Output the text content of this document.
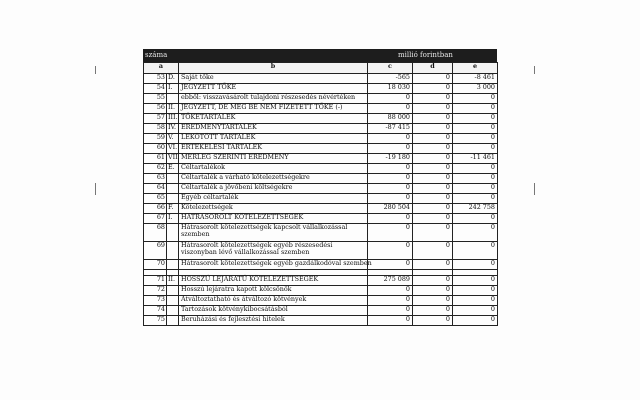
száma	millió forintban
a		b	c	d	e
53	D.	Saját tőke	-565	0	-8 461
54	I.	JEGYZETT TŐKE	18 030	0	3 000
55		ebből: visszavásárolt tulajdoni részesedés névértéken	0	0	0
56	II.	JEGYZETT, DE MÉG BE NEM FIZETETT TŐKE (-)	0	0	0
57	III.	TŐKETARTALÉK	88 000	0	0
58	IV.	EREDMÉNYTARTALÉK	-87 415	0	0
59	V.	LEKÖTÖTT TARTALÉK	0	0	0
60	VI.	ÉRTÉKELÉSI TARTALÉK	0	0	0
61	VII.	MÉRLEG SZERINTI EREDMÉNY	-19 180	0	-11 461
62	E.	Céltartalékok	0	0	0
63		Céltartalék a várható kötelezettségekre	0	0	0
64		Céltartalék a jövőbeni költségekre	0	0	0
65		Egyéb céltartalék	0	0	0
66	F.	Kötelezettségek	280 504	0	242 758
67	I.	HÁTRASOROLT KÖTELEZETTSÉGEK	0	0	0
68		Hátrasorolt kötelezettségek kapcsolt vállalkozással szemben	0	0	0
69		Hátrasorolt kötelezettségek egyéb részesedési viszonyban lévő vállalkozással szemben	0	0	0
70		Hátrasorolt kötelezettségek egyéb gazdálkodóval szemben	0	0	0

71	II.	HOSSZÚ LEJÁRATÚ KÖTELEZETTSÉGEK	275 089	0	0
72		Hosszú lejáratra kapott kölcsönök	0	0	0
73		Átváltoztatható és átváltozó kötvények	0	0	0
74		Tartozások kötvénykibocsátásból	0	0	0
75		Beruházási és fejlesztési hitelek	0	0	0
